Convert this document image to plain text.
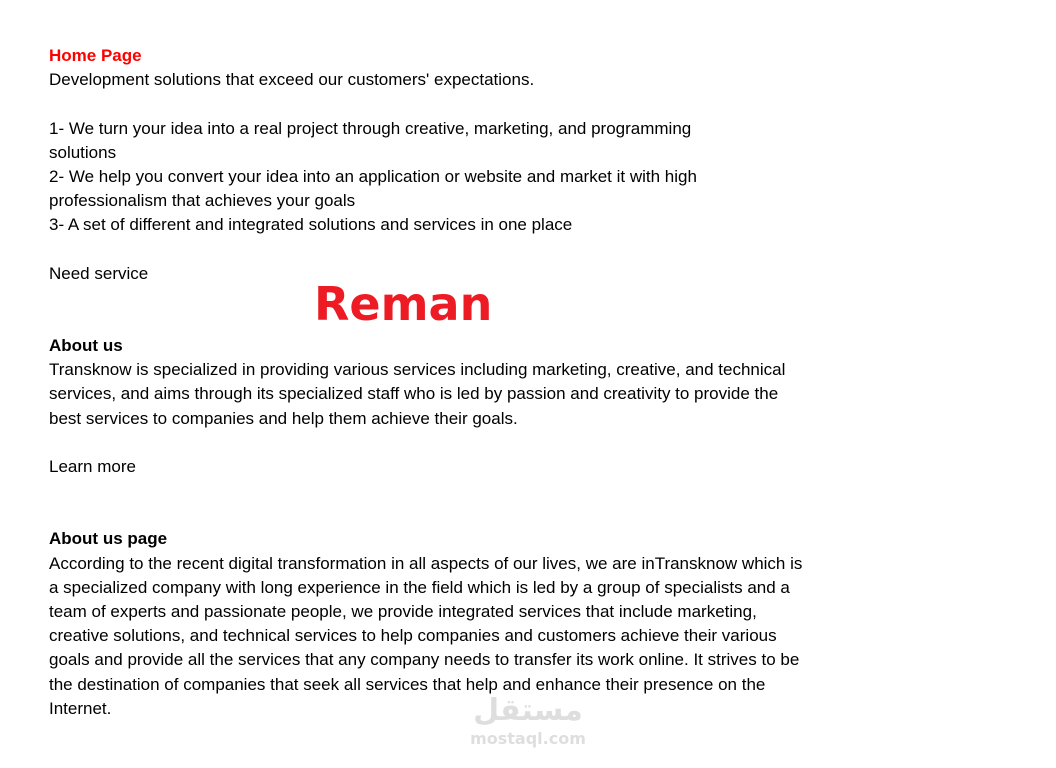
Home Page
Development solutions that exceed our customers' expectations.
1- We turn your idea into a real project through creative, marketing, and programming solutions
2- We help you convert your idea into an application or website and market it with high professionalism that achieves your goals
3- A set of different and integrated solutions and services in one place
Need service
About us
Transknow is specialized in providing various services including marketing, creative, and technical services, and aims through its specialized staff who is led by passion and creativity to provide the best services to companies and help them achieve their goals.
Learn more
About us page
According to the recent digital transformation in all aspects of our lives, we are inTransknow which is a specialized company with long experience in the field which is led by a group of specialists and a team of experts and passionate people, we provide integrated services that include marketing, creative solutions, and technical services to help companies and customers achieve their various goals and provide all the services that any company needs to transfer its work online. It strives to be the destination of companies that seek all services that help and enhance their presence on the Internet.
Reman
مستقل
mostaql.com
